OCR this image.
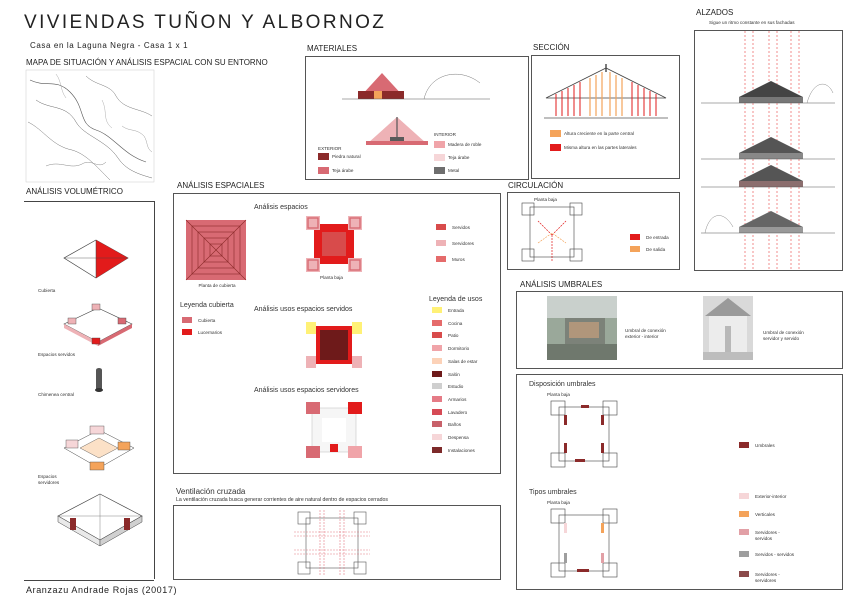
VIVIENDAS TUÑON Y ALBORNOZ
Casa en la Laguna Negra - Casa 1 x 1
MAPA DE SITUACIÓN Y ANÁLISIS ESPACIAL CON SU ENTORNO
ANÁLISIS VOLUMÉTRICO
Cubierta
Espacios servidos
Chimenea central
Espacios servidores
MATERIALES
EXTERIOR
Piedra natural
Teja árabe
INTERIOR
Madera de roble
Teja árabe
Metal
SECCIÓN
Altura creciente en la parte central
Misma altura en las partes laterales
ALZADOS
Sigue un ritmo constante en sus fachadas
ANÁLISIS ESPACIALES
Análisis espacios
Planta de cubierta
Planta baja
Servidos
Servidores
Muros
Leyenda cubierta
Cubierta
Lucernarios
Análisis usos espacios servidos
Análisis usos espacios servidores
Leyenda de usos
Entrada
Cocina
Patio
Dormitorio
Salas de estar
Salón
Estudio
Armarios
Lavadero
Baños
Despensa
Instalaciones
CIRCULACIÓN
Planta baja
De entrada
De salida
ANÁLISIS UMBRALES
Umbral de conexión exterior - interior
Umbral de conexión servidor y servido
Disposición umbrales
Planta baja
Umbrales
Tipos umbrales
Planta baja
Exterior-interior
Verticales
Servidores - servidos
Servidos - servidos
Servidores - servidores
Ventilación cruzada
La ventilación cruzada busca generar corrientes de aire natural dentro de espacios cerrados
Aranzazu Andrade Rojas (20017)
